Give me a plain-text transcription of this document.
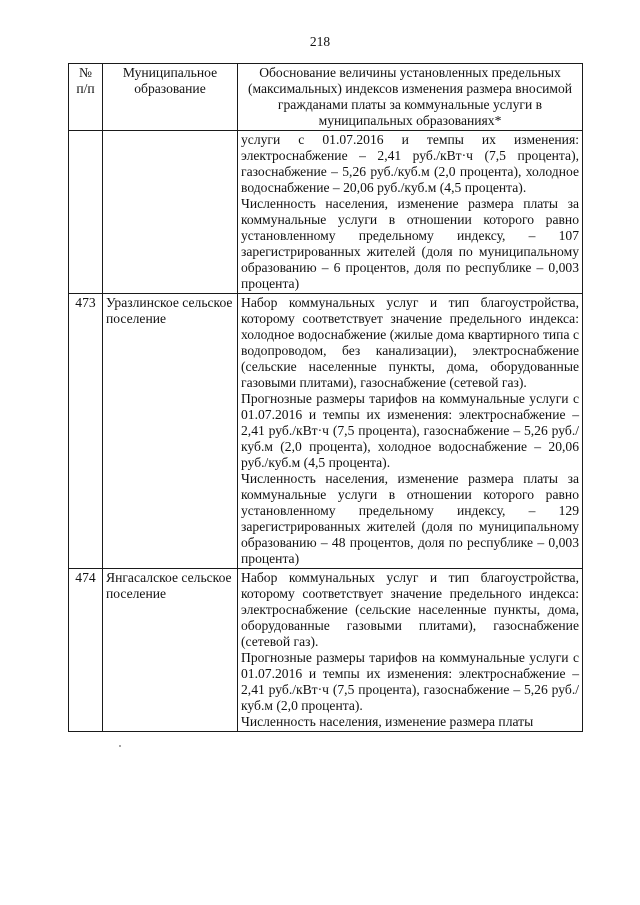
218
№ п/п	Муниципальное образование	Обоснование величины установленных предельных (максимальных) индексов изменения размера вносимой гражданами платы за коммунальные услуги в муниципальных образованиях*

		услуги с 01.07.2016 и темпы их изменения: электроснабжение – 2,41 руб./кВт·ч (7,5 процента), газоснабжение – 5,26 руб./куб.м (2,0 процента), холодное водоснабжение – 20,06 руб./куб.м (4,5 процента).

Численность населения, изменение размера платы за коммунальные услуги в отношении которого равно установленному предельному индексу, – 107 зарегистрированных жителей (доля по муниципальному образованию – 6 процентов, доля по республике – 0,003 процента)

473	Уразлинское сельское поселение	Набор коммунальных услуг и тип благоустройства, которому соответствует значение предельного индекса: холодное водоснабжение (жилые дома квартирного типа с водопроводом, без канализации), электроснабжение (сельские населенные пункты, дома, оборудованные газовыми плитами), газоснабжение (сетевой газ).

Прогнозные размеры тарифов на коммунальные услуги с 01.07.2016 и темпы их изменения: электроснабжение – 2,41 руб./кВт·ч (7,5 процента), газоснабжение – 5,26 руб./куб.м (2,0 процента), холодное водоснабжение – 20,06 руб./куб.м (4,5 процента).

Численность населения, изменение размера платы за коммунальные услуги в отношении которого равно установленному предельному индексу, – 129 зарегистрированных жителей (доля по муниципальному образованию – 48 процентов, доля по республике – 0,003 процента)

474	Янгасалское сельское поселение	Набор коммунальных услуг и тип благоустройства, которому соответствует значение предельного индекса: электроснабжение (сельские населенные пункты, дома, оборудованные газовыми плитами), газоснабжение (сетевой газ).

Прогнозные размеры тарифов на коммунальные услуги с 01.07.2016 и темпы их изменения: электроснабжение – 2,41 руб./кВт·ч (7,5 процента), газоснабжение – 5,26 руб./куб.м (2,0 процента).

Численность населения, изменение размера платы
